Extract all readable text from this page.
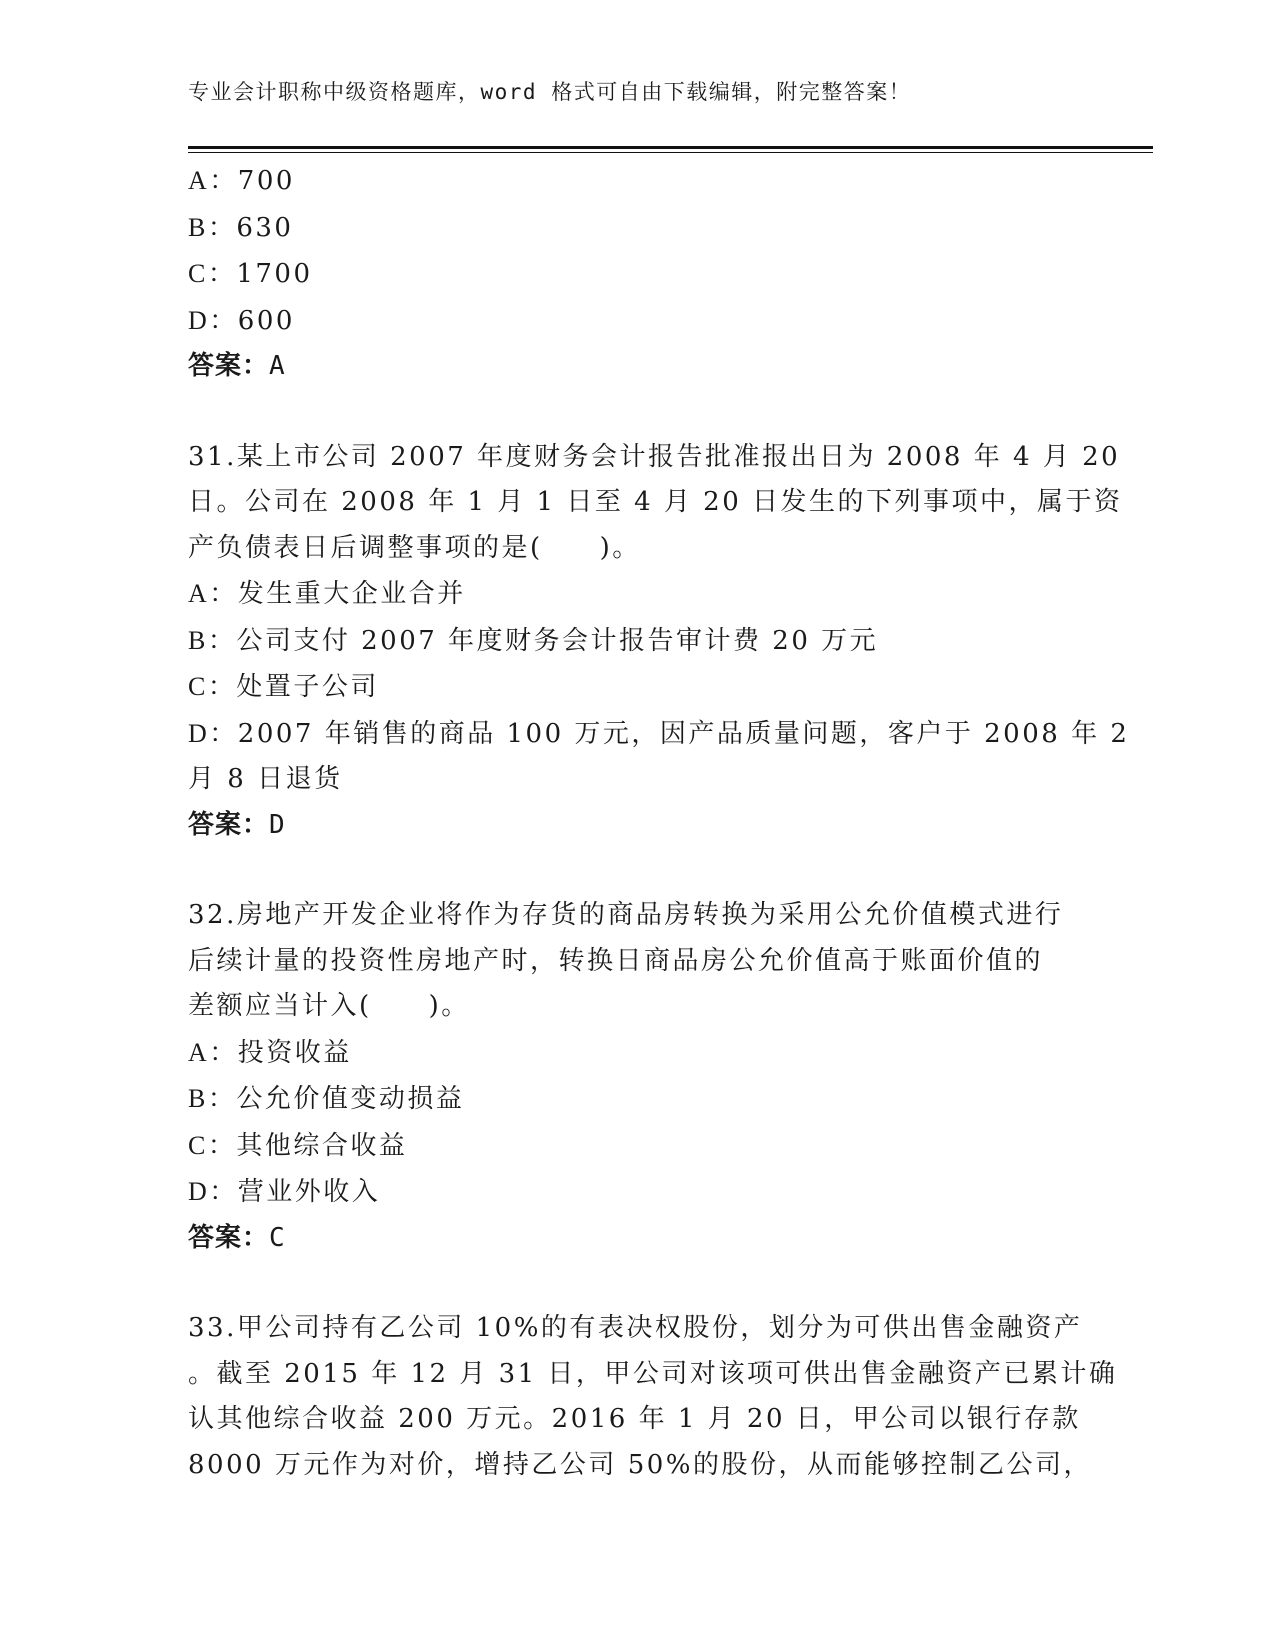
专业会计职称中级资格题库，word 格式可自由下载编辑，附完整答案！
A：700
B：630
C：1700
D：600
答案：A
31.某上市公司 2007 年度财务会计报告批准报出日为 2008 年 4 月 20
日。公司在 2008 年 1 月 1 日至 4 月 20 日发生的下列事项中，属于资
产负债表日后调整事项的是(　　)。
A：发生重大企业合并
B：公司支付 2007 年度财务会计报告审计费 20 万元
C：处置子公司
D：2007 年销售的商品 100 万元，因产品质量问题，客户于 2008 年 2
月 8 日退货
答案：D
32.房地产开发企业将作为存货的商品房转换为采用公允价值模式进行
后续计量的投资性房地产时，转换日商品房公允价值高于账面价值的
差额应当计入(　　)。
A：投资收益
B：公允价值变动损益
C：其他综合收益
D：营业外收入
答案：C
33.甲公司持有乙公司 10%的有表决权股份，划分为可供出售金融资产
。截至 2015 年 12 月 31 日，甲公司对该项可供出售金融资产已累计确
认其他综合收益 200 万元。2016 年 1 月 20 日，甲公司以银行存款
8000 万元作为对价，增持乙公司 50%的股份，从而能够控制乙公司，
